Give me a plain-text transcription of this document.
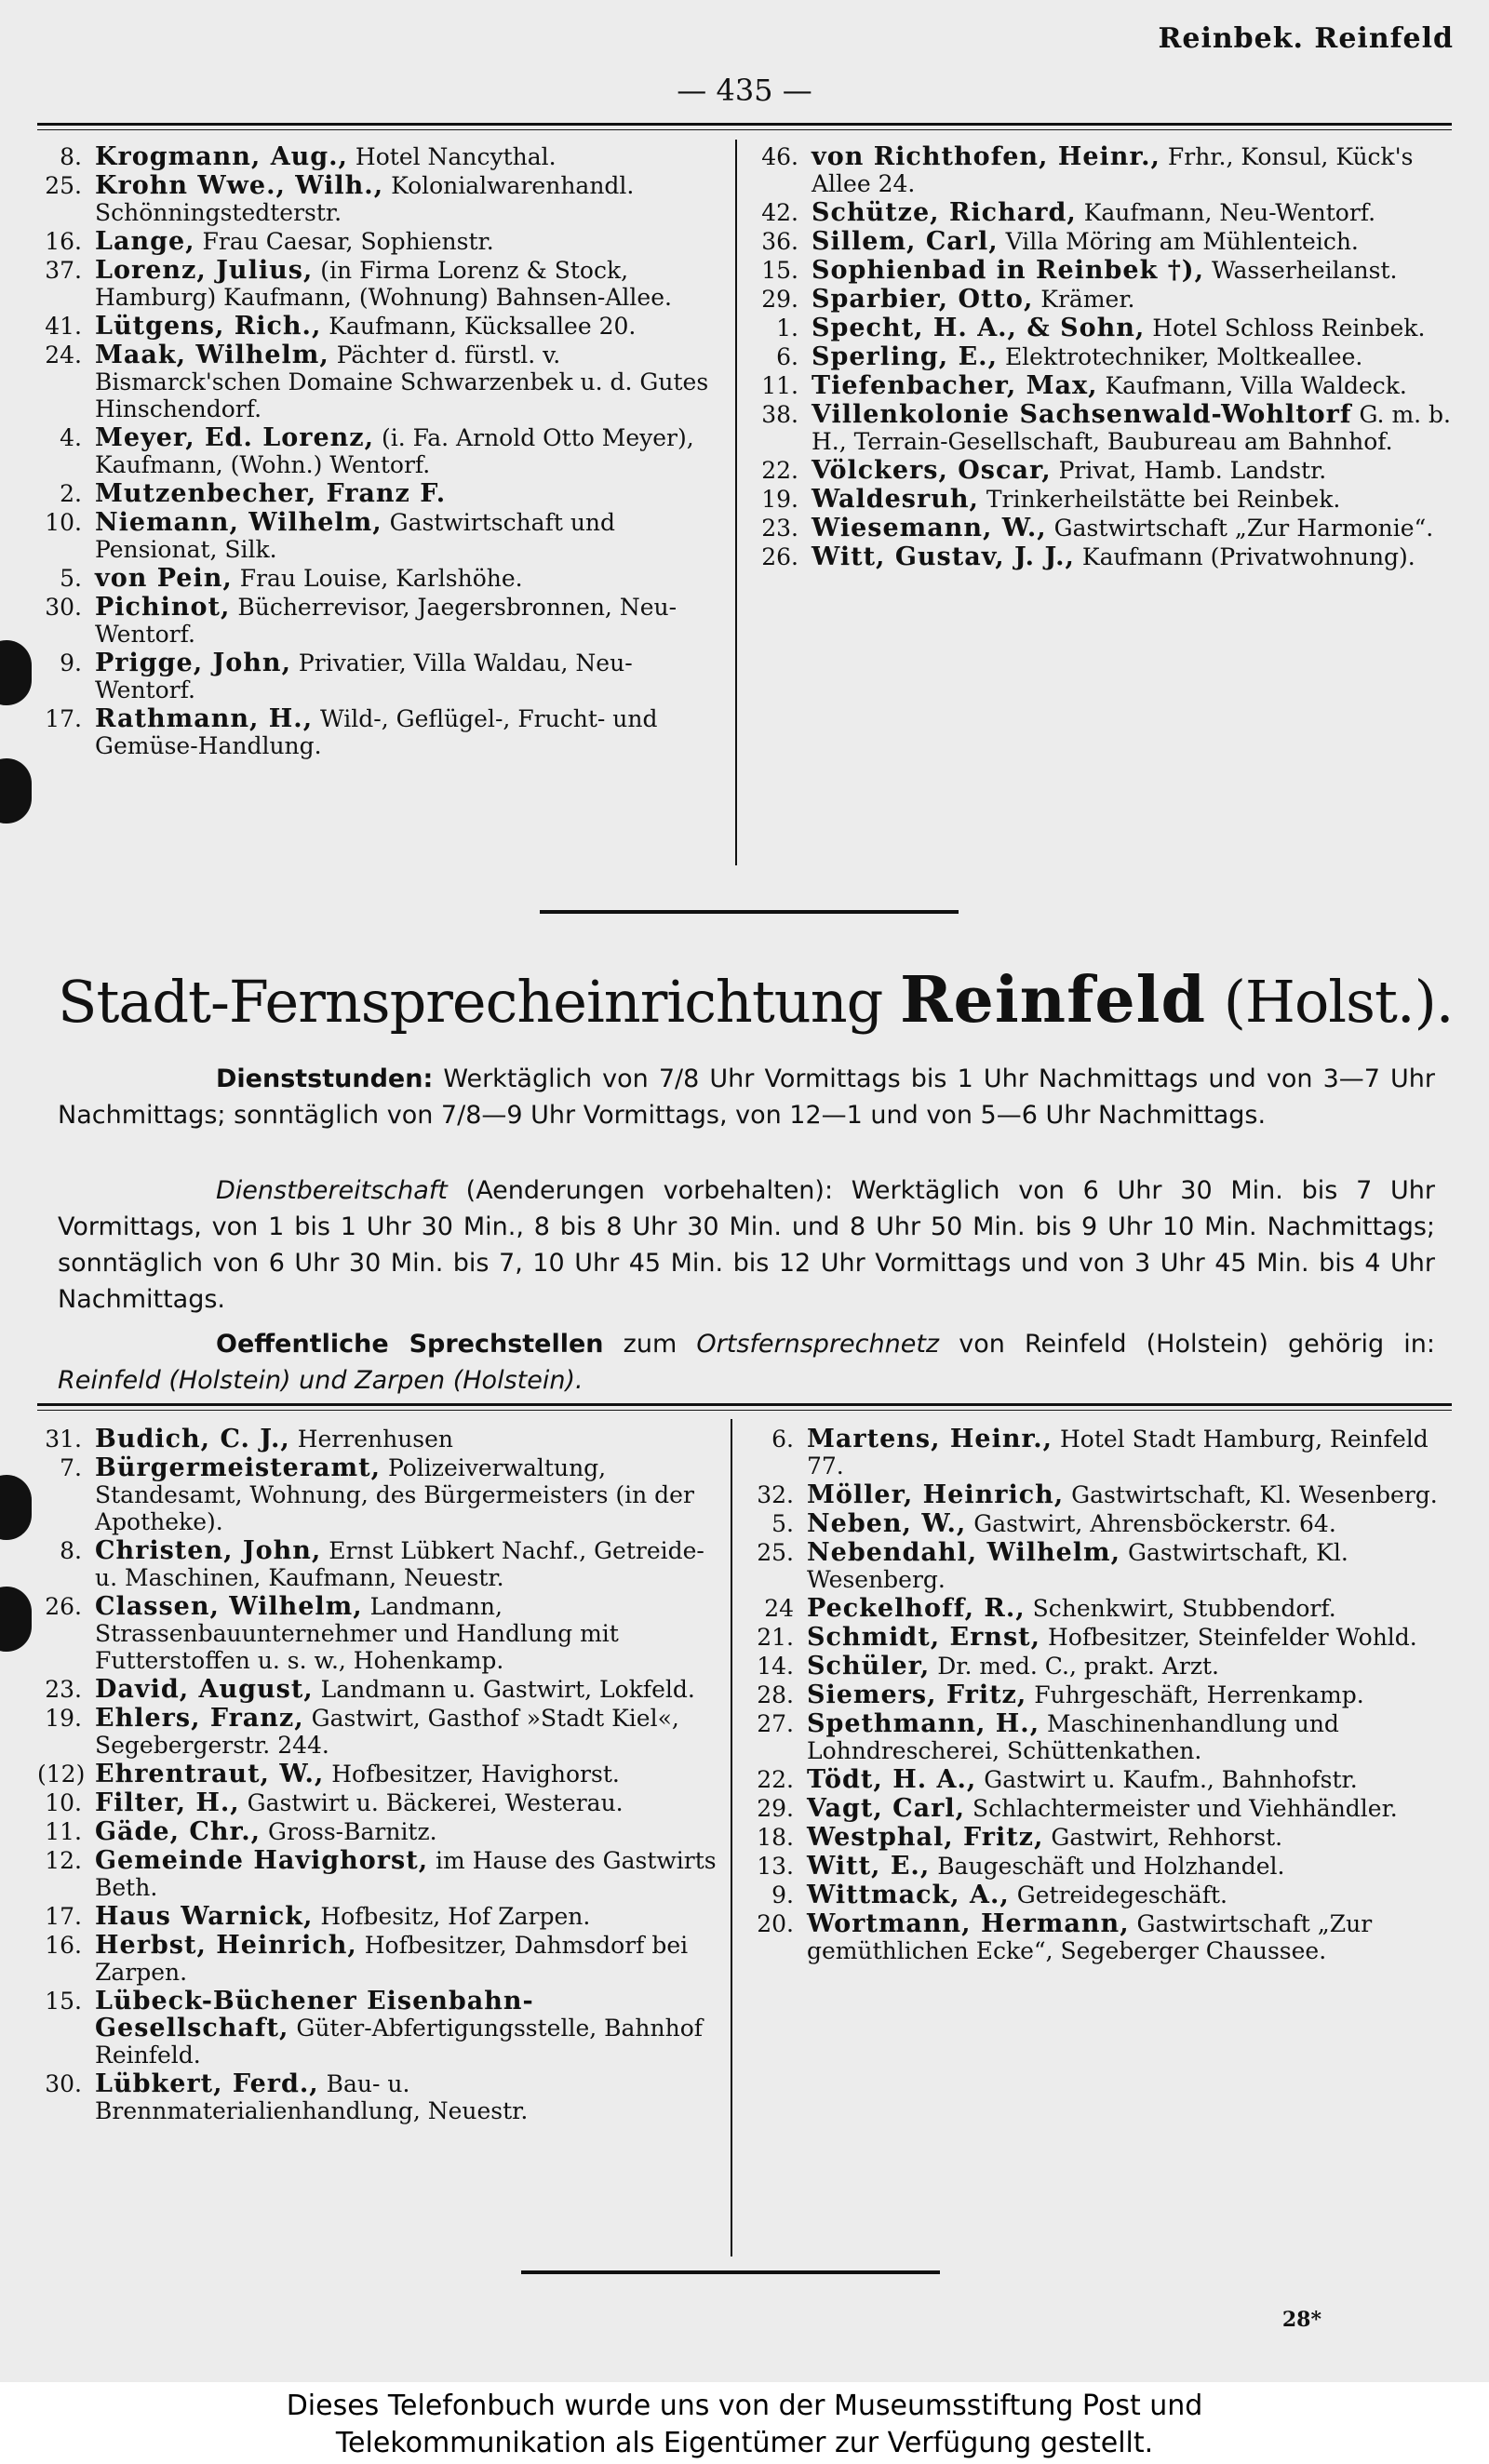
Reinbek. Reinfeld
— 435 —
8. Krogmann, Aug., Hotel Nancythal.
25. Krohn Wwe., Wilh., Kolonialwarenhandl. Schönningstedterstr.
16. Lange, Frau Caesar, Sophienstr.
37. Lorenz, Julius, (in Firma Lorenz & Stock, Hamburg) Kaufmann, (Wohnung) Bahnsen-Allee.
41. Lütgens, Rich., Kaufmann, Kücksallee 20.
24. Maak, Wilhelm, Pächter d. fürstl. v. Bismarck'schen Domaine Schwarzenbek u. d. Gutes Hinschendorf.
4. Meyer, Ed. Lorenz, (i. Fa. Arnold Otto Meyer), Kaufmann, (Wohn.) Wentorf.
2. Mutzenbecher, Franz F.
10. Niemann, Wilhelm, Gastwirtschaft und Pensionat, Silk.
5. von Pein, Frau Louise, Karlshöhe.
30. Pichinot, Bücherrevisor, Jaegersbronnen, Neu-Wentorf.
9. Prigge, John, Privatier, Villa Waldau, Neu-Wentorf.
17. Rathmann, H., Wild-, Geflügel-, Frucht- und Gemüse-Handlung.
46. von Richthofen, Heinr., Frhr., Konsul, Kück's Allee 24.
42. Schütze, Richard, Kaufmann, Neu-Wentorf.
36. Sillem, Carl, Villa Möring am Mühlenteich.
15. Sophienbad in Reinbek †), Wasserheilanst.
29. Sparbier, Otto, Krämer.
1. Specht, H. A., & Sohn, Hotel Schloss Reinbek.
6. Sperling, E., Elektrotechniker, Moltkeallee.
11. Tiefenbacher, Max, Kaufmann, Villa Waldeck.
38. Villenkolonie Sachsenwald-Wohltorf G. m. b. H., Terrain-Gesellschaft, Baubureau am Bahnhof.
22. Völckers, Oscar, Privat, Hamb. Landstr.
19. Waldesruh, Trinkerheilstätte bei Reinbek.
23. Wiesemann, W., Gastwirtschaft „Zur Harmonie“.
26. Witt, Gustav, J. J., Kaufmann (Privatwohnung).
Stadt-Fernsprecheinrichtung Reinfeld (Holst.).
Dienststunden: Werktäglich von 7/8 Uhr Vormittags bis 1 Uhr Nachmittags und von 3—7 Uhr Nachmittags; sonntäglich von 7/8—9 Uhr Vormittags, von 12—1 und von 5—6 Uhr Nachmittags.
Dienstbereitschaft (Aenderungen vorbehalten): Werktäglich von 6 Uhr 30 Min. bis 7 Uhr Vormittags, von 1 bis 1 Uhr 30 Min., 8 bis 8 Uhr 30 Min. und 8 Uhr 50 Min. bis 9 Uhr 10 Min. Nachmittags; sonntäglich von 6 Uhr 30 Min. bis 7, 10 Uhr 45 Min. bis 12 Uhr Vormittags und von 3 Uhr 45 Min. bis 4 Uhr Nachmittags.
Oeffentliche Sprechstellen zum Ortsfernsprechnetz von Reinfeld (Holstein) gehörig in: Reinfeld (Holstein) und Zarpen (Holstein).
31. Budich, C. J., Herrenhusen
7. Bürgermeisteramt, Polizeiverwaltung, Standesamt, Wohnung, des Bürgermeisters (in der Apotheke).
8. Christen, John, Ernst Lübkert Nachf., Getreide- u. Maschinen, Kaufmann, Neuestr.
26. Classen, Wilhelm, Landmann, Strassenbauunternehmer und Handlung mit Futterstoffen u. s. w., Hohenkamp.
23. David, August, Landmann u. Gastwirt, Lokfeld.
19. Ehlers, Franz, Gastwirt, Gasthof »Stadt Kiel«, Segebergerstr. 244.
(12) Ehrentraut, W., Hofbesitzer, Havighorst.
10. Filter, H., Gastwirt u. Bäckerei, Westerau.
11. Gäde, Chr., Gross-Barnitz.
12. Gemeinde Havighorst, im Hause des Gastwirts Beth.
17. Haus Warnick, Hofbesitz, Hof Zarpen.
16. Herbst, Heinrich, Hofbesitzer, Dahmsdorf bei Zarpen.
15. Lübeck-Büchener Eisenbahn-Gesellschaft, Güter-Abfertigungsstelle, Bahnhof Reinfeld.
30. Lübkert, Ferd., Bau- u. Brennmaterialienhandlung, Neuestr.
6. Martens, Heinr., Hotel Stadt Hamburg, Reinfeld 77.
32. Möller, Heinrich, Gastwirtschaft, Kl. Wesenberg.
5. Neben, W., Gastwirt, Ahrensböckerstr. 64.
25. Nebendahl, Wilhelm, Gastwirtschaft, Kl. Wesenberg.
24 Peckelhoff, R., Schenkwirt, Stubbendorf.
21. Schmidt, Ernst, Hofbesitzer, Steinfelder Wohld.
14. Schüler, Dr. med. C., prakt. Arzt.
28. Siemers, Fritz, Fuhrgeschäft, Herrenkamp.
27. Spethmann, H., Maschinenhandlung und Lohndrescherei, Schüttenkathen.
22. Tödt, H. A., Gastwirt u. Kaufm., Bahnhofstr.
29. Vagt, Carl, Schlachtermeister und Viehhändler.
18. Westphal, Fritz, Gastwirt, Rehhorst.
13. Witt, E., Baugeschäft und Holzhandel.
9. Wittmack, A., Getreidegeschäft.
20. Wortmann, Hermann, Gastwirtschaft „Zur gemüthlichen Ecke“, Segeberger Chaussee.
28*
Dieses Telefonbuch wurde uns von der Museumsstiftung Post und
Telekommunikation als Eigentümer zur Verfügung gestellt.
